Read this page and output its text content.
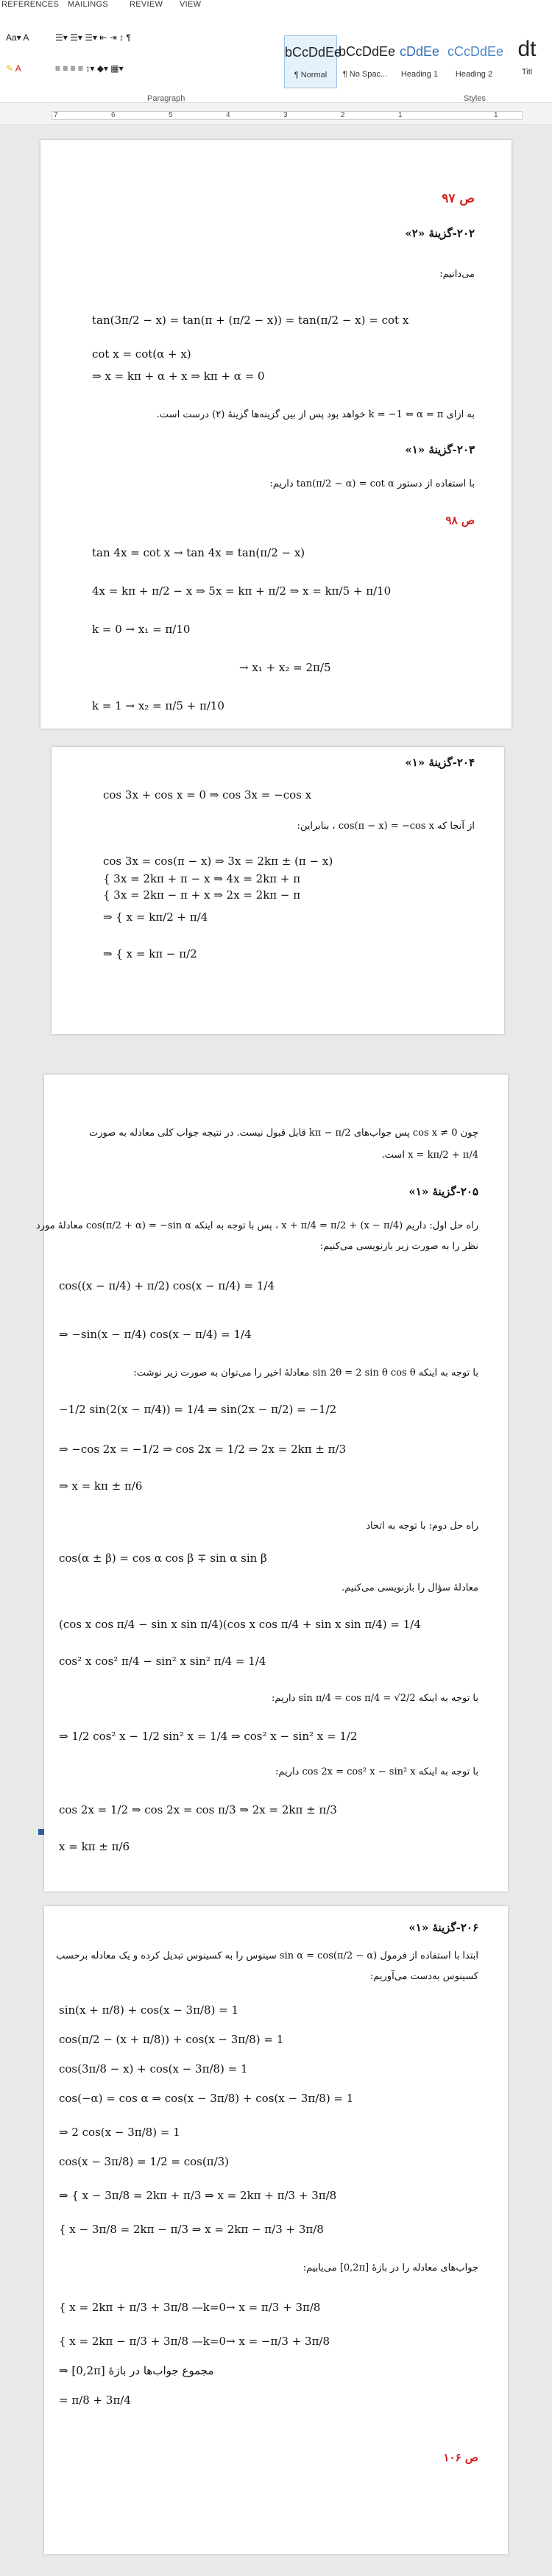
REFERENCES MAILINGS	REVIEW VIEW
Aa▾ A	☰▾ ☰▾ ☰▾ ⇤ ⇥ ↕ ¶
✎ A	≡ ≡ ≡ ≡ ↕▾ ◆▾ ▦▾
bCcDdEe
¶ Normal
bCcDdEe
¶ No Spac...
cDdEe
Heading 1
cCcDdEe
Heading 2
dt
Titl
Paragraph	Styles
7	6	5	4	3	2	1	1
ص ۹۷
۲۰۲-گزینهٔ «۲»
می‌دانیم:
tan(3π/2 − x) = tan(π + (π/2 − x)) = tan(π/2 − x) = cot x
cot x = cot(α + x)
⇒ x = kπ + α + x ⇒ kπ + α = 0
به ازای k = −1 ⇐ α = π خواهد بود پس از بین گزینه‌ها گزینهٔ (۲) درست است.
۲۰۳-گزینهٔ «۱»
با استفاده از دستور tan(π/2 − α) = cot α داریم:
ص ۹۸
tan 4x = cot x → tan 4x = tan(π/2 − x)
4x = kπ + π/2 − x ⇒ 5x = kπ + π/2 ⇒ x = kπ/5 + π/10
k = 0 → x₁ = π/10
→ x₁ + x₂ = 2π/5
k = 1 → x₂ = π/5 + π/10
۲۰۴-گزینهٔ «۱»
cos 3x + cos x = 0 ⇒ cos 3x = −cos x
از آنجا که cos(π − x) = −cos x ، بنابراین:
cos 3x = cos(π − x) ⇒ 3x = 2kπ ± (π − x)
{ 3x = 2kπ + π − x ⇒ 4x = 2kπ + π
{ 3x = 2kπ − π + x ⇒ 2x = 2kπ − π
⇒ { x = kπ/2 + π/4
⇒ { x = kπ − π/2
چون cos x ≠ 0 پس جواب‌های kπ − π/2 قابل قبول نیست. در نتیجه جواب کلی معادله به صورت
x = kπ/2 + π/4 است.
۲۰۵-گزینهٔ «۱»
راه حل اول: داریم x + π/4 = π/2 + (x − π/4) ، پس با توجه به اینکه cos(π/2 + α) = −sin α معادلهٔ مورد
نظر را به صورت زیر بازنویسی می‌کنیم:
cos((x − π/4) + π/2) cos(x − π/4) = 1/4
⇒ −sin(x − π/4) cos(x − π/4) = 1/4
با توجه به اینکه sin 2θ = 2 sin θ cos θ معادلهٔ اخیر را می‌توان به صورت زیر نوشت:
−1/2 sin(2(x − π/4)) = 1/4 ⇒ sin(2x − π/2) = −1/2
⇒ −cos 2x = −1/2 ⇒ cos 2x = 1/2 ⇒ 2x = 2kπ ± π/3
⇒ x = kπ ± π/6
راه حل دوم: با توجه به اتحاد
cos(α ± β) = cos α cos β ∓ sin α sin β
معادلهٔ سؤال را بازنویسی می‌کنیم.
(cos x cos π/4 − sin x sin π/4)(cos x cos π/4 + sin x sin π/4) = 1/4
cos² x cos² π/4 − sin² x sin² π/4 = 1/4
با توجه به اینکه sin π/4 = cos π/4 = √2/2 داریم:
⇒ 1/2 cos² x − 1/2 sin² x = 1/4 ⇒ cos² x − sin² x = 1/2
با توجه به اینکه cos 2x = cos² x − sin² x داریم:
cos 2x = 1/2 ⇒ cos 2x = cos π/3 ⇒ 2x = 2kπ ± π/3
x = kπ ± π/6
۲۰۶-گزینهٔ «۱»
ابتدا با استفاده از فرمول sin α = cos(π/2 − α) سینوس را به کسینوس تبدیل کرده و یک معادله برحسب
کسینوس به‌دست می‌آوریم:
sin(x + π/8) + cos(x − 3π/8) = 1
cos(π/2 − (x + π/8)) + cos(x − 3π/8) = 1
cos(3π/8 − x) + cos(x − 3π/8) = 1
cos(−α) = cos α ⇒ cos(x − 3π/8) + cos(x − 3π/8) = 1
⇒ 2 cos(x − 3π/8) = 1
cos(x − 3π/8) = 1/2 = cos(π/3)
⇒ { x − 3π/8 = 2kπ + π/3 ⇒ x = 2kπ + π/3 + 3π/8
{ x − 3π/8 = 2kπ − π/3 ⇒ x = 2kπ − π/3 + 3π/8
جواب‌های معادله را در بازهٔ [0,2π] می‌یابیم:
{ x = 2kπ + π/3 + 3π/8 —k=0→ x = π/3 + 3π/8
{ x = 2kπ − π/3 + 3π/8 —k=0→ x = −π/3 + 3π/8
⇒ [0,2π] مجموع جواب‌ها در بازهٔ
= π/8 + 3π/4
ص ۱۰۶
